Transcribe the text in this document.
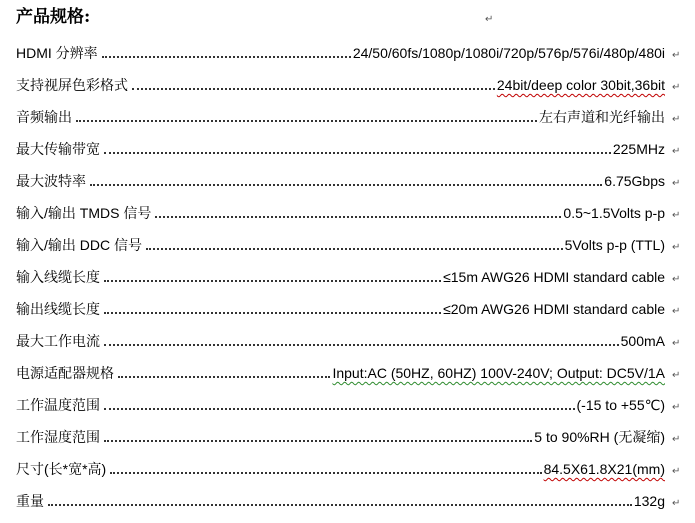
产品规格:	↵
HDMI 分辨率	24/50/60fs/1080p/1080i/720p/576p/576i/480p/480i ↵
支持视屏色彩格式	24bit/deep color 30bit,36bit ↵
音频输出	左右声道和光纤输出 ↵
最大传输带宽	225MHz ↵
最大波特率	6.75Gbps ↵
输入/输出 TMDS 信号	0.5~1.5Volts p-p ↵
输入/输出 DDC 信号	5Volts p-p (TTL) ↵
输入线缆长度	≤15m AWG26 HDMI standard cable ↵
输出线缆长度	≤20m AWG26 HDMI standard cable ↵
最大工作电流	500mA ↵
电源适配器规格	Input:AC (50HZ, 60HZ) 100V-240V; Output: DC5V/1A ↵
工作温度范围	(-15 to +55℃) ↵
工作湿度范围	5 to 90%RH (无凝缩) ↵
尺寸(长*宽*高)	84.5X61.8X21(mm) ↵
重量	132g ↵
